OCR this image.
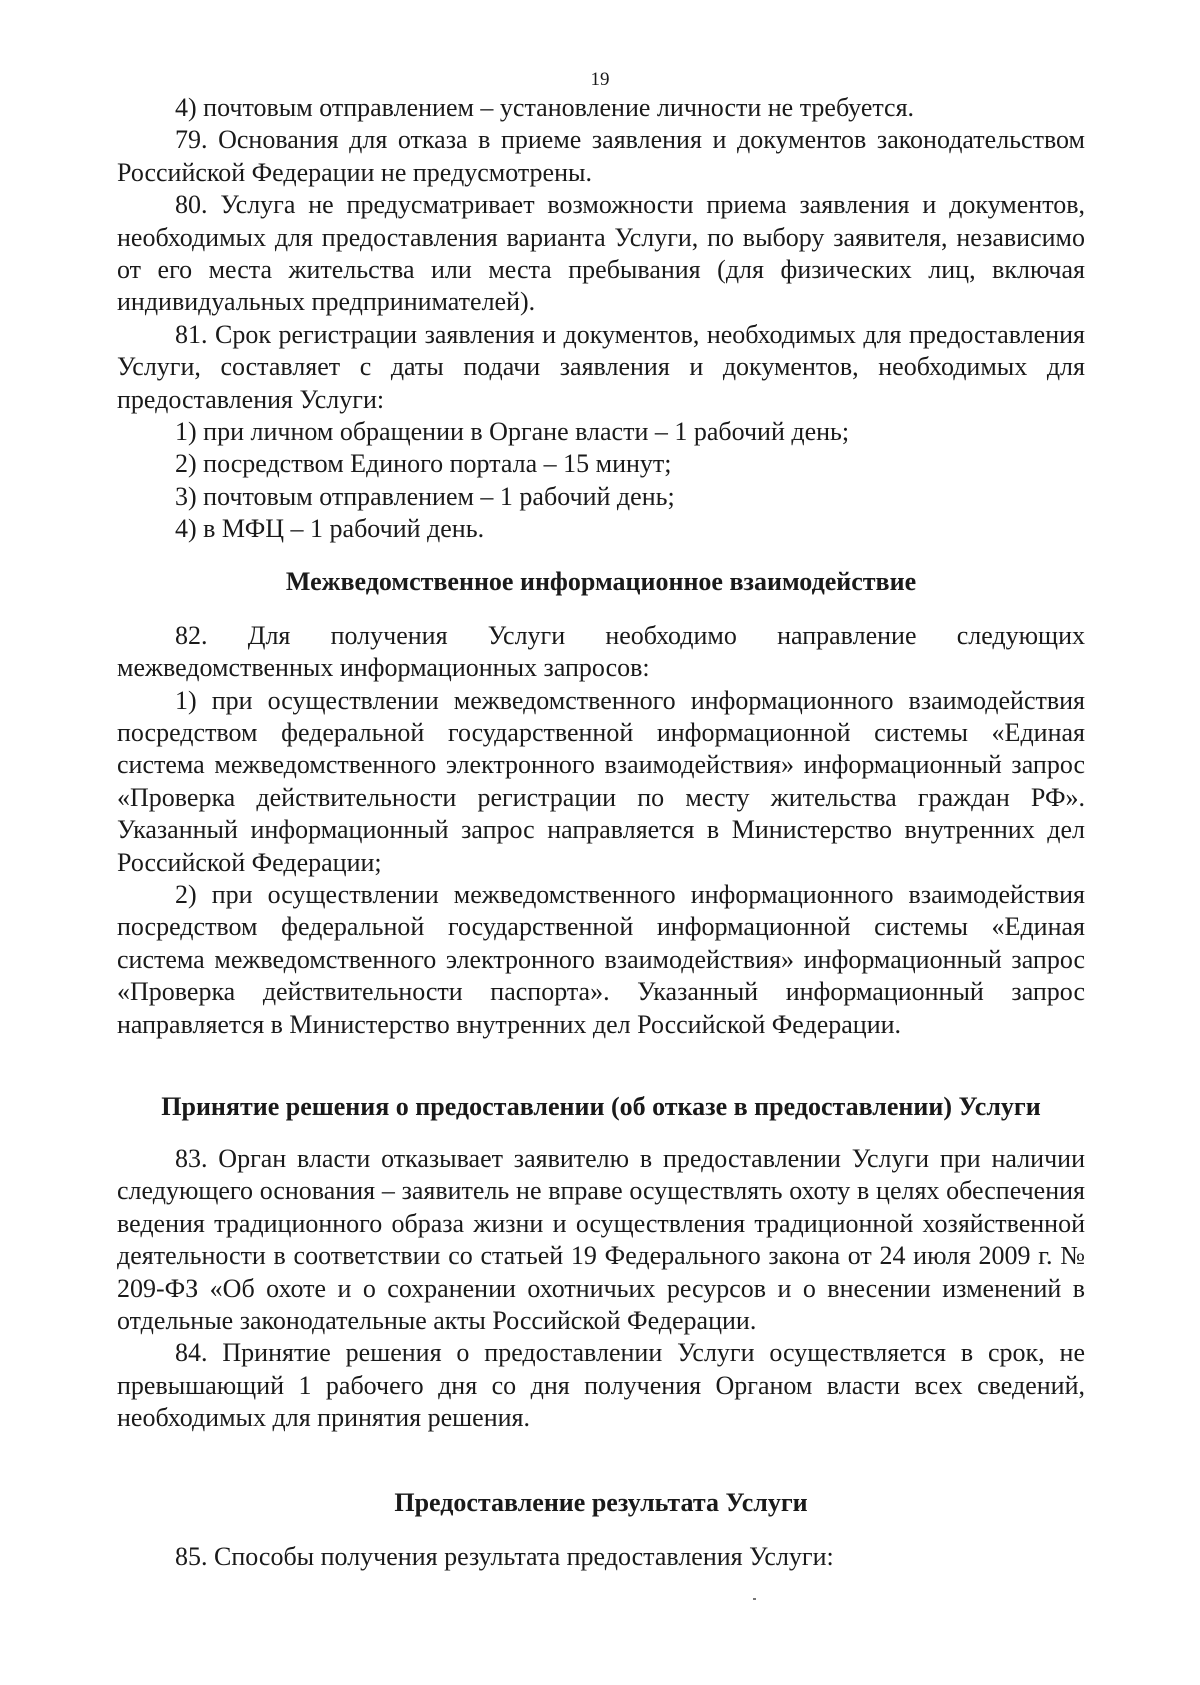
19

4) почтовым отправлением – установление личности не требуется.

79. Основания для отказа в приеме заявления и документов законодательством Российской Федерации не предусмотрены.

80. Услуга не предусматривает возможности приема заявления и документов, необходимых для предоставления варианта Услуги, по выбору заявителя, независимо от его места жительства или места пребывания (для физических лиц, включая индивидуальных предпринимателей).

81. Срок регистрации заявления и документов, необходимых для предоставления Услуги, составляет с даты подачи заявления и документов, необходимых для предоставления Услуги:

1) при личном обращении в Органе власти – 1 рабочий день;

2) посредством Единого портала – 15 минут;

3) почтовым отправлением – 1 рабочий день;

4) в МФЦ – 1 рабочий день.

Межведомственное информационное взаимодействие

82. Для получения Услуги необходимо направление следующих межведомственных информационных запросов:

1) при осуществлении межведомственного информационного взаимодействия посредством федеральной государственной информационной системы «Единая система межведомственного электронного взаимодействия» информационный запрос «Проверка действительности регистрации по месту жительства граждан РФ». Указанный информационный запрос направляется в Министерство внутренних дел Российской Федерации;

2) при осуществлении межведомственного информационного взаимодействия посредством федеральной государственной информационной системы «Единая система межведомственного электронного взаимодействия» информационный запрос «Проверка действительности паспорта». Указанный информационный запрос направляется в Министерство внутренних дел Российской Федерации.

Принятие решения о предоставлении (об отказе в предоставлении) Услуги

83. Орган власти отказывает заявителю в предоставлении Услуги при наличии следующего основания – заявитель не вправе осуществлять охоту в целях обеспечения ведения традиционного образа жизни и осуществления традиционной хозяйственной деятельности в соответствии со статьей 19 Федерального закона от 24 июля 2009 г. № 209-ФЗ «Об охоте и о сохранении охотничьих ресурсов и о внесении изменений в отдельные законодательные акты Российской Федерации.

84. Принятие решения о предоставлении Услуги осуществляется в срок, не превышающий 1 рабочего дня со дня получения Органом власти всех сведений, необходимых для принятия решения.

Предоставление результата Услуги

85. Способы получения результата предоставления Услуги:
